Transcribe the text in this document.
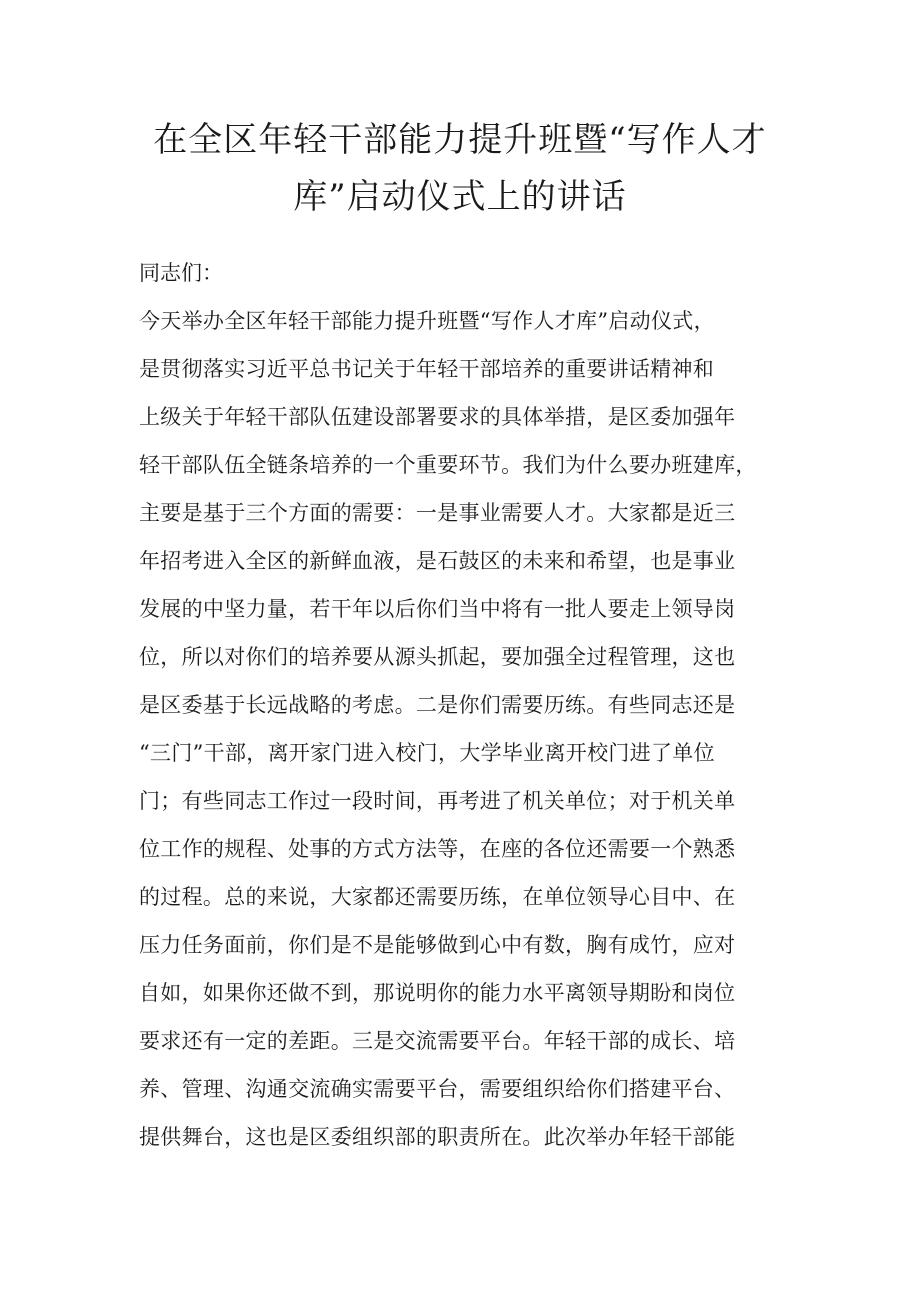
在全区年轻干部能力提升班暨“写作人才
库”启动仪式上的讲话
同志们：
今天举办全区年轻干部能力提升班暨“写作人才库”启动仪式，
是贯彻落实习近平总书记关于年轻干部培养的重要讲话精神和
上级关于年轻干部队伍建设部署要求的具体举措，是区委加强年
轻干部队伍全链条培养的一个重要环节。我们为什么要办班建库，
主要是基于三个方面的需要：一是事业需要人才。大家都是近三
年招考进入全区的新鲜血液，是石鼓区的未来和希望，也是事业
发展的中坚力量，若干年以后你们当中将有一批人要走上领导岗
位，所以对你们的培养要从源头抓起，要加强全过程管理，这也
是区委基于长远战略的考虑。二是你们需要历练。有些同志还是
“三门”干部，离开家门进入校门，大学毕业离开校门进了单位
门；有些同志工作过一段时间，再考进了机关单位；对于机关单
位工作的规程、处事的方式方法等，在座的各位还需要一个熟悉
的过程。总的来说，大家都还需要历练，在单位领导心目中、在
压力任务面前，你们是不是能够做到心中有数，胸有成竹，应对
自如，如果你还做不到，那说明你的能力水平离领导期盼和岗位
要求还有一定的差距。三是交流需要平台。年轻干部的成长、培
养、管理、沟通交流确实需要平台，需要组织给你们搭建平台、
提供舞台，这也是区委组织部的职责所在。此次举办年轻干部能
